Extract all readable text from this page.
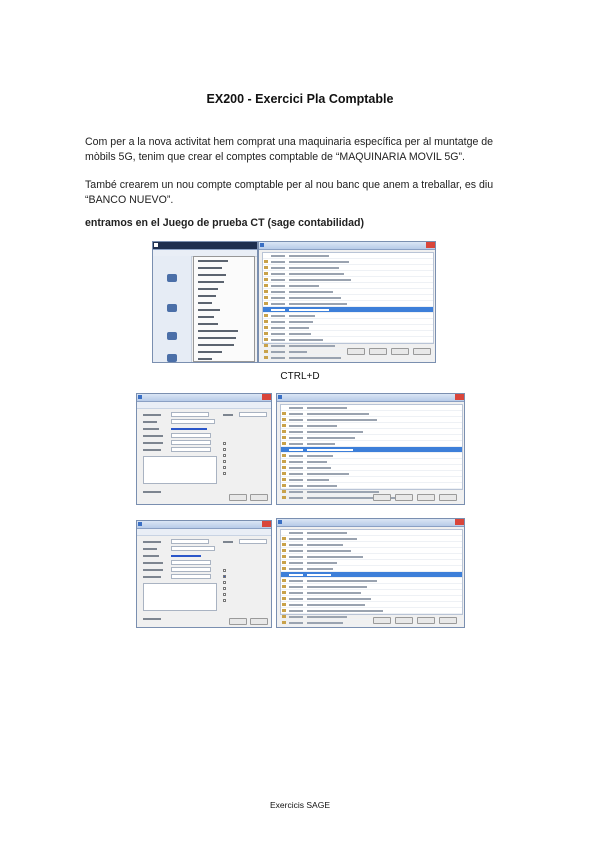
EX200 - Exercici Pla Comptable
Com per a la nova activitat hem comprat una maquinaria específica per al muntatge de mòbils 5G, tenim que crear el comptes comptable de “MAQUINARIA MOVIL 5G”.
També crearem un nou compte comptable per al nou banc que anem a treballar, es diu “BANCO NUEVO”.
entramos en el Juego de prueba CT (sage contabilidad)
CTRL+D
Exercicis SAGE
